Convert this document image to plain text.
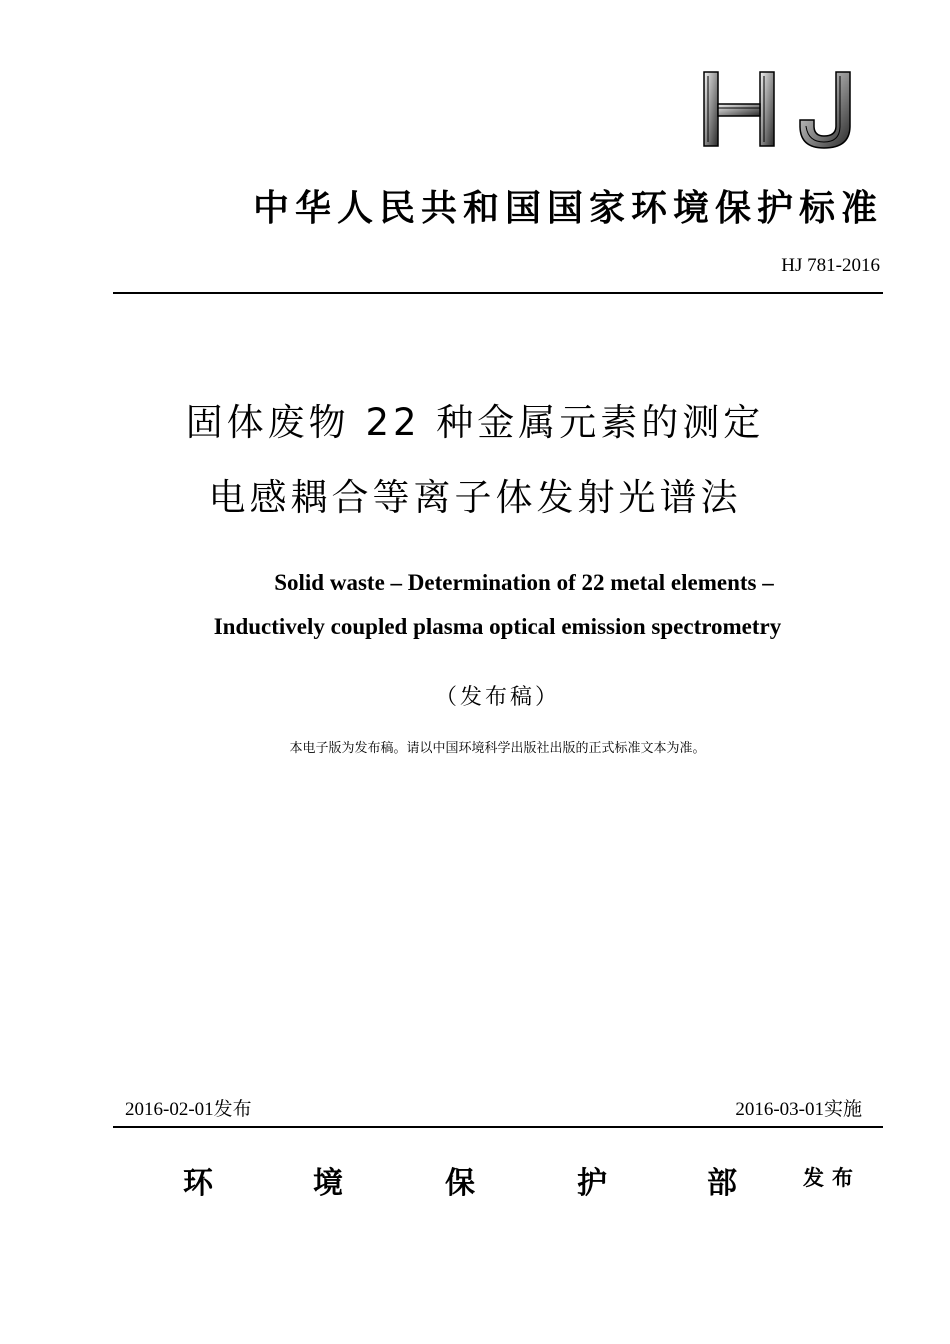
中华人民共和国国家环境保护标准
HJ 781-2016
固体废物 22 种金属元素的测定
电感耦合等离子体发射光谱法
Solid waste – Determination of 22 metal elements –
Inductively coupled plasma optical emission spectrometry
（发布稿）
本电子版为发布稿。请以中国环境科学出版社出版的正式标准文本为准。
2016-02-01发布	2016-03-01实施
环	境	保	护	部	发布
